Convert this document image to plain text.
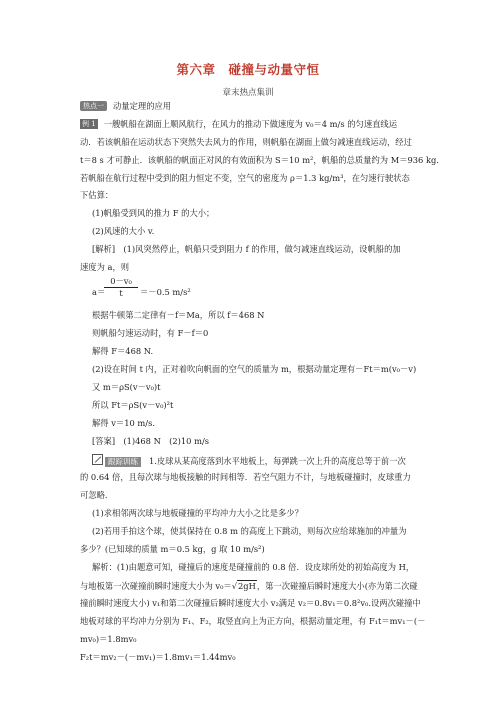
第六章　碰撞与动量守恒
章末热点集训
热点一 动量定理的应用
例 1 一艘帆船在湖面上顺风航行，在风力的推动下做速度为 v₀＝4 m/s 的匀速直线运
动．若该帆船在运动状态下突然失去风力的作用，则帆船在湖面上做匀减速直线运动，经过
t＝8 s 才可静止．该帆船的帆面正对风的有效面积为 S＝10 m²，帆船的总质量约为 M＝936 kg.
若帆船在航行过程中受到的阻力恒定不变，空气的密度为 ρ＝1.3 kg/m³，在匀速行驶状态
下估算：
(1)帆船受到风的推力 F 的大小；
(2)风速的大小 v.
[解析]　(1)风突然停止，帆船只受到阻力 f 的作用，做匀减速直线运动，设帆船的加
速度为 a，则
a＝
0－v₀
t	＝－0.5 m/s²
根据牛顿第二定律有－f＝Ma，所以 f＝468 N
则帆船匀速运动时，有 F－f＝0
解得 F＝468 N.
(2)设在时间 t 内，正对着吹向帆面的空气的质量为 m，根据动量定理有－Ft＝m(v₀－v)
又 m＝ρS(v－v₀)t
所以 Ft＝ρS(v－v₀)²t
解得 v＝10 m/s.
[答案]　(1)468 N　(2)10 m/s
跟踪训练 1.皮球从某高度落到水平地板上，每弹跳一次上升的高度总等于前一次
的 0.64 倍，且每次球与地板接触的时间相等．若空气阻力不计，与地板碰撞时，皮球重力
可忽略．
(1)求相邻两次球与地板碰撞的平均冲力大小之比是多少？
(2)若用手拍这个球，使其保持在 0.8 m 的高度上下跳动，则每次应给球施加的冲量为
多少？(已知球的质量 m＝0.5 kg，g 取 10 m/s²)
解析：(1)由题意可知，碰撞后的速度是碰撞前的 0.8 倍．设皮球所处的初始高度为 H，
与地板第一次碰撞前瞬时速度大小为 v₀＝√2gH，第一次碰撞后瞬时速度大小(亦为第二次碰
撞前瞬时速度大小) v₁和第二次碰撞后瞬时速度大小 v₂满足 v₂＝0.8v₁＝0.8²v₀.设两次碰撞中
地板对球的平均冲力分别为 F₁、F₂，取竖直向上为正方向，根据动量定理，有 F₁t＝mv₁－(－
mv₀)＝1.8mv₀
F₂t＝mv₂－(－mv₁)＝1.8mv₁＝1.44mv₀
